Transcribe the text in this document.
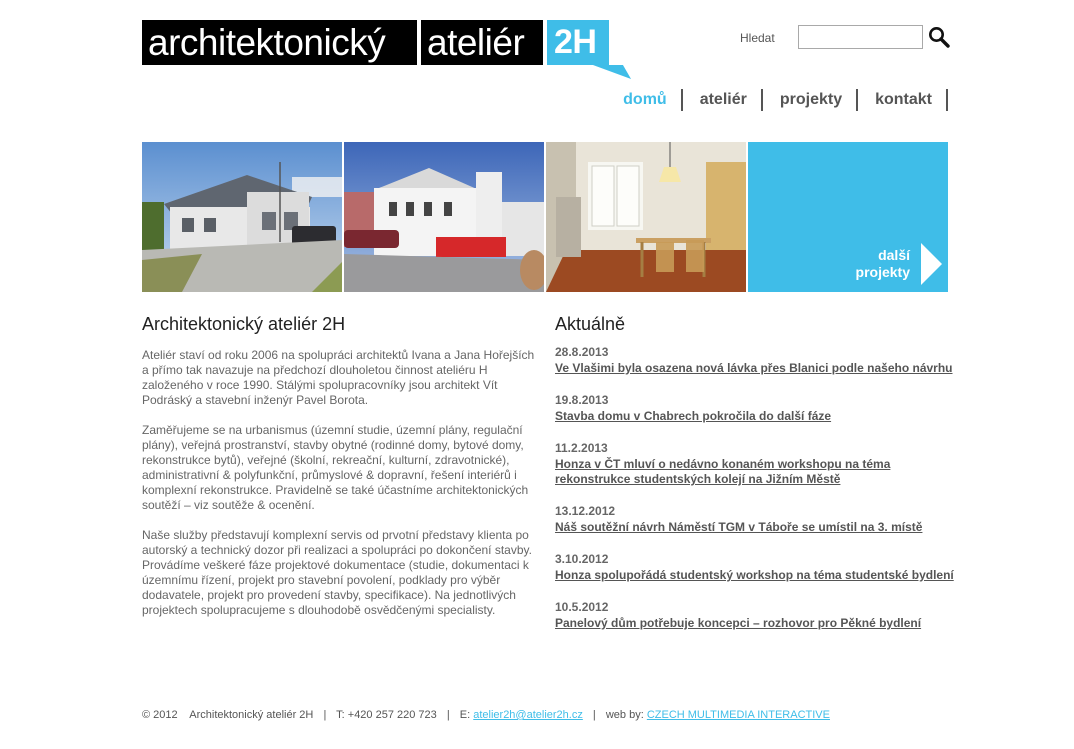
architektonický	ateliér 2H	Hledat
domů	ateliér	projekty	kontakt
další
projekty
Architektonický ateliér 2H

Ateliér staví od roku 2006 na spolupráci architektů Ivana a Jana Hořejších a přímo tak navazuje na předchozí dlouholetou činnost ateliéru H založeného v roce 1990. Stálými spolupracovníky jsou architekt Vít Podráský a stavební inženýr Pavel Borota.

Zaměřujeme se na urbanismus (územní studie, územní plány, regulační plány), veřejná prostranství, stavby obytné (rodinné domy, bytové domy, rekonstrukce bytů), veřejné (školní, rekreační, kulturní, zdravotnické), administrativní & polyfunkční, průmyslové & dopravní, řešení interiérů i komplexní rekonstrukce. Pravidelně se také účastníme architektonických soutěží – viz soutěže & ocenění.

Naše služby představují komplexní servis od prvotní představy klienta po autorský a technický dozor při realizaci a spolupráci po dokončení stavby. Provádíme veškeré fáze projektové dokumentace (studie, dokumentaci k územnímu řízení, projekt pro stavební povolení, podklady pro výběr dodavatele, projekt pro provedení stavby, specifikace). Na jednotlivých projektech spolupracujeme s dlouhodobě osvědčenými specialisty.

Aktuálně
28.8.2013
Ve Vlašimi byla osazena nová lávka přes Blanici podle našeho návrhu
19.8.2013
Stavba domu v Chabrech pokročila do další fáze
11.2.2013
Honza v ČT mluví o nedávno konaném workshopu na téma rekonstrukce studentských kolejí na Jižním Městě
13.12.2012
Náš soutěžní návrh Náměstí TGM v Táboře se umístil na 3. místě
3.10.2012
Honza spolupořádá studentský workshop na téma studentské bydlení
10.5.2012
Panelový dům potřebuje koncepci – rozhovor pro Pěkné bydlení
© 2012 Architektonický ateliér 2H | T: +420 257 220 723 | E: atelier2h@atelier2h.cz | web by: CZECH MULTIMEDIA INTERACTIVE
